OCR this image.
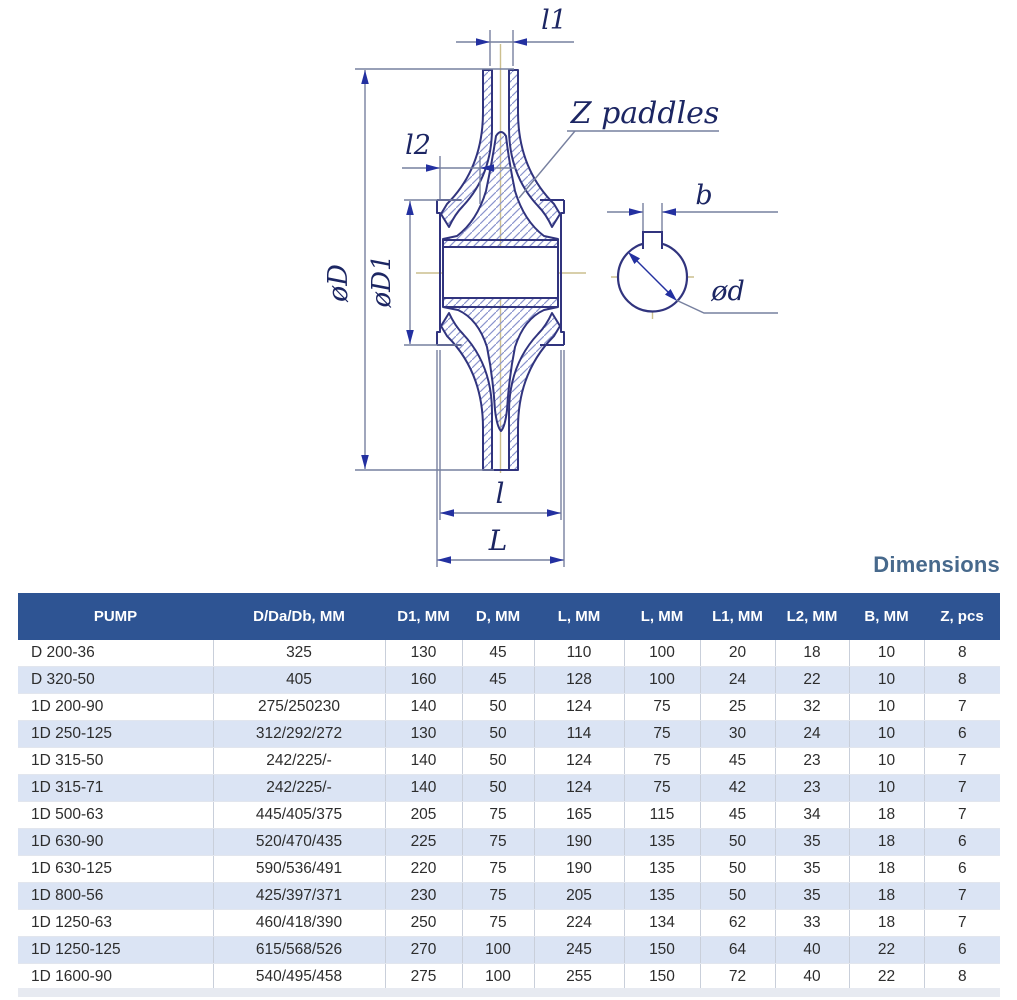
l1
l2
øD øD1
Z paddles
b
ød
l
L
Dimensions
PUMP	D/Da/Db, MM	D1, MM	D, MM	L, MM	L, MM	L1, MM	L2, MM	B, MM	Z, pcs
D 200-36	325	130	45	110	100	20	18	10	8
D 320-50	405	160	45	128	100	24	22	10	8
1D 200-90	275/250230	140	50	124	75	25	32	10	7
1D 250-125	312/292/272	130	50	114	75	30	24	10	6
1D 315-50	242/225/-	140	50	124	75	45	23	10	7
1D 315-71	242/225/-	140	50	124	75	42	23	10	7
1D 500-63	445/405/375	205	75	165	115	45	34	18	7
1D 630-90	520/470/435	225	75	190	135	50	35	18	6
1D 630-125	590/536/491	220	75	190	135	50	35	18	6
1D 800-56	425/397/371	230	75	205	135	50	35	18	7
1D 1250-63	460/418/390	250	75	224	134	62	33	18	7
1D 1250-125	615/568/526	270	100	245	150	64	40	22	6
1D 1600-90	540/495/458	275	100	255	150	72	40	22	8
